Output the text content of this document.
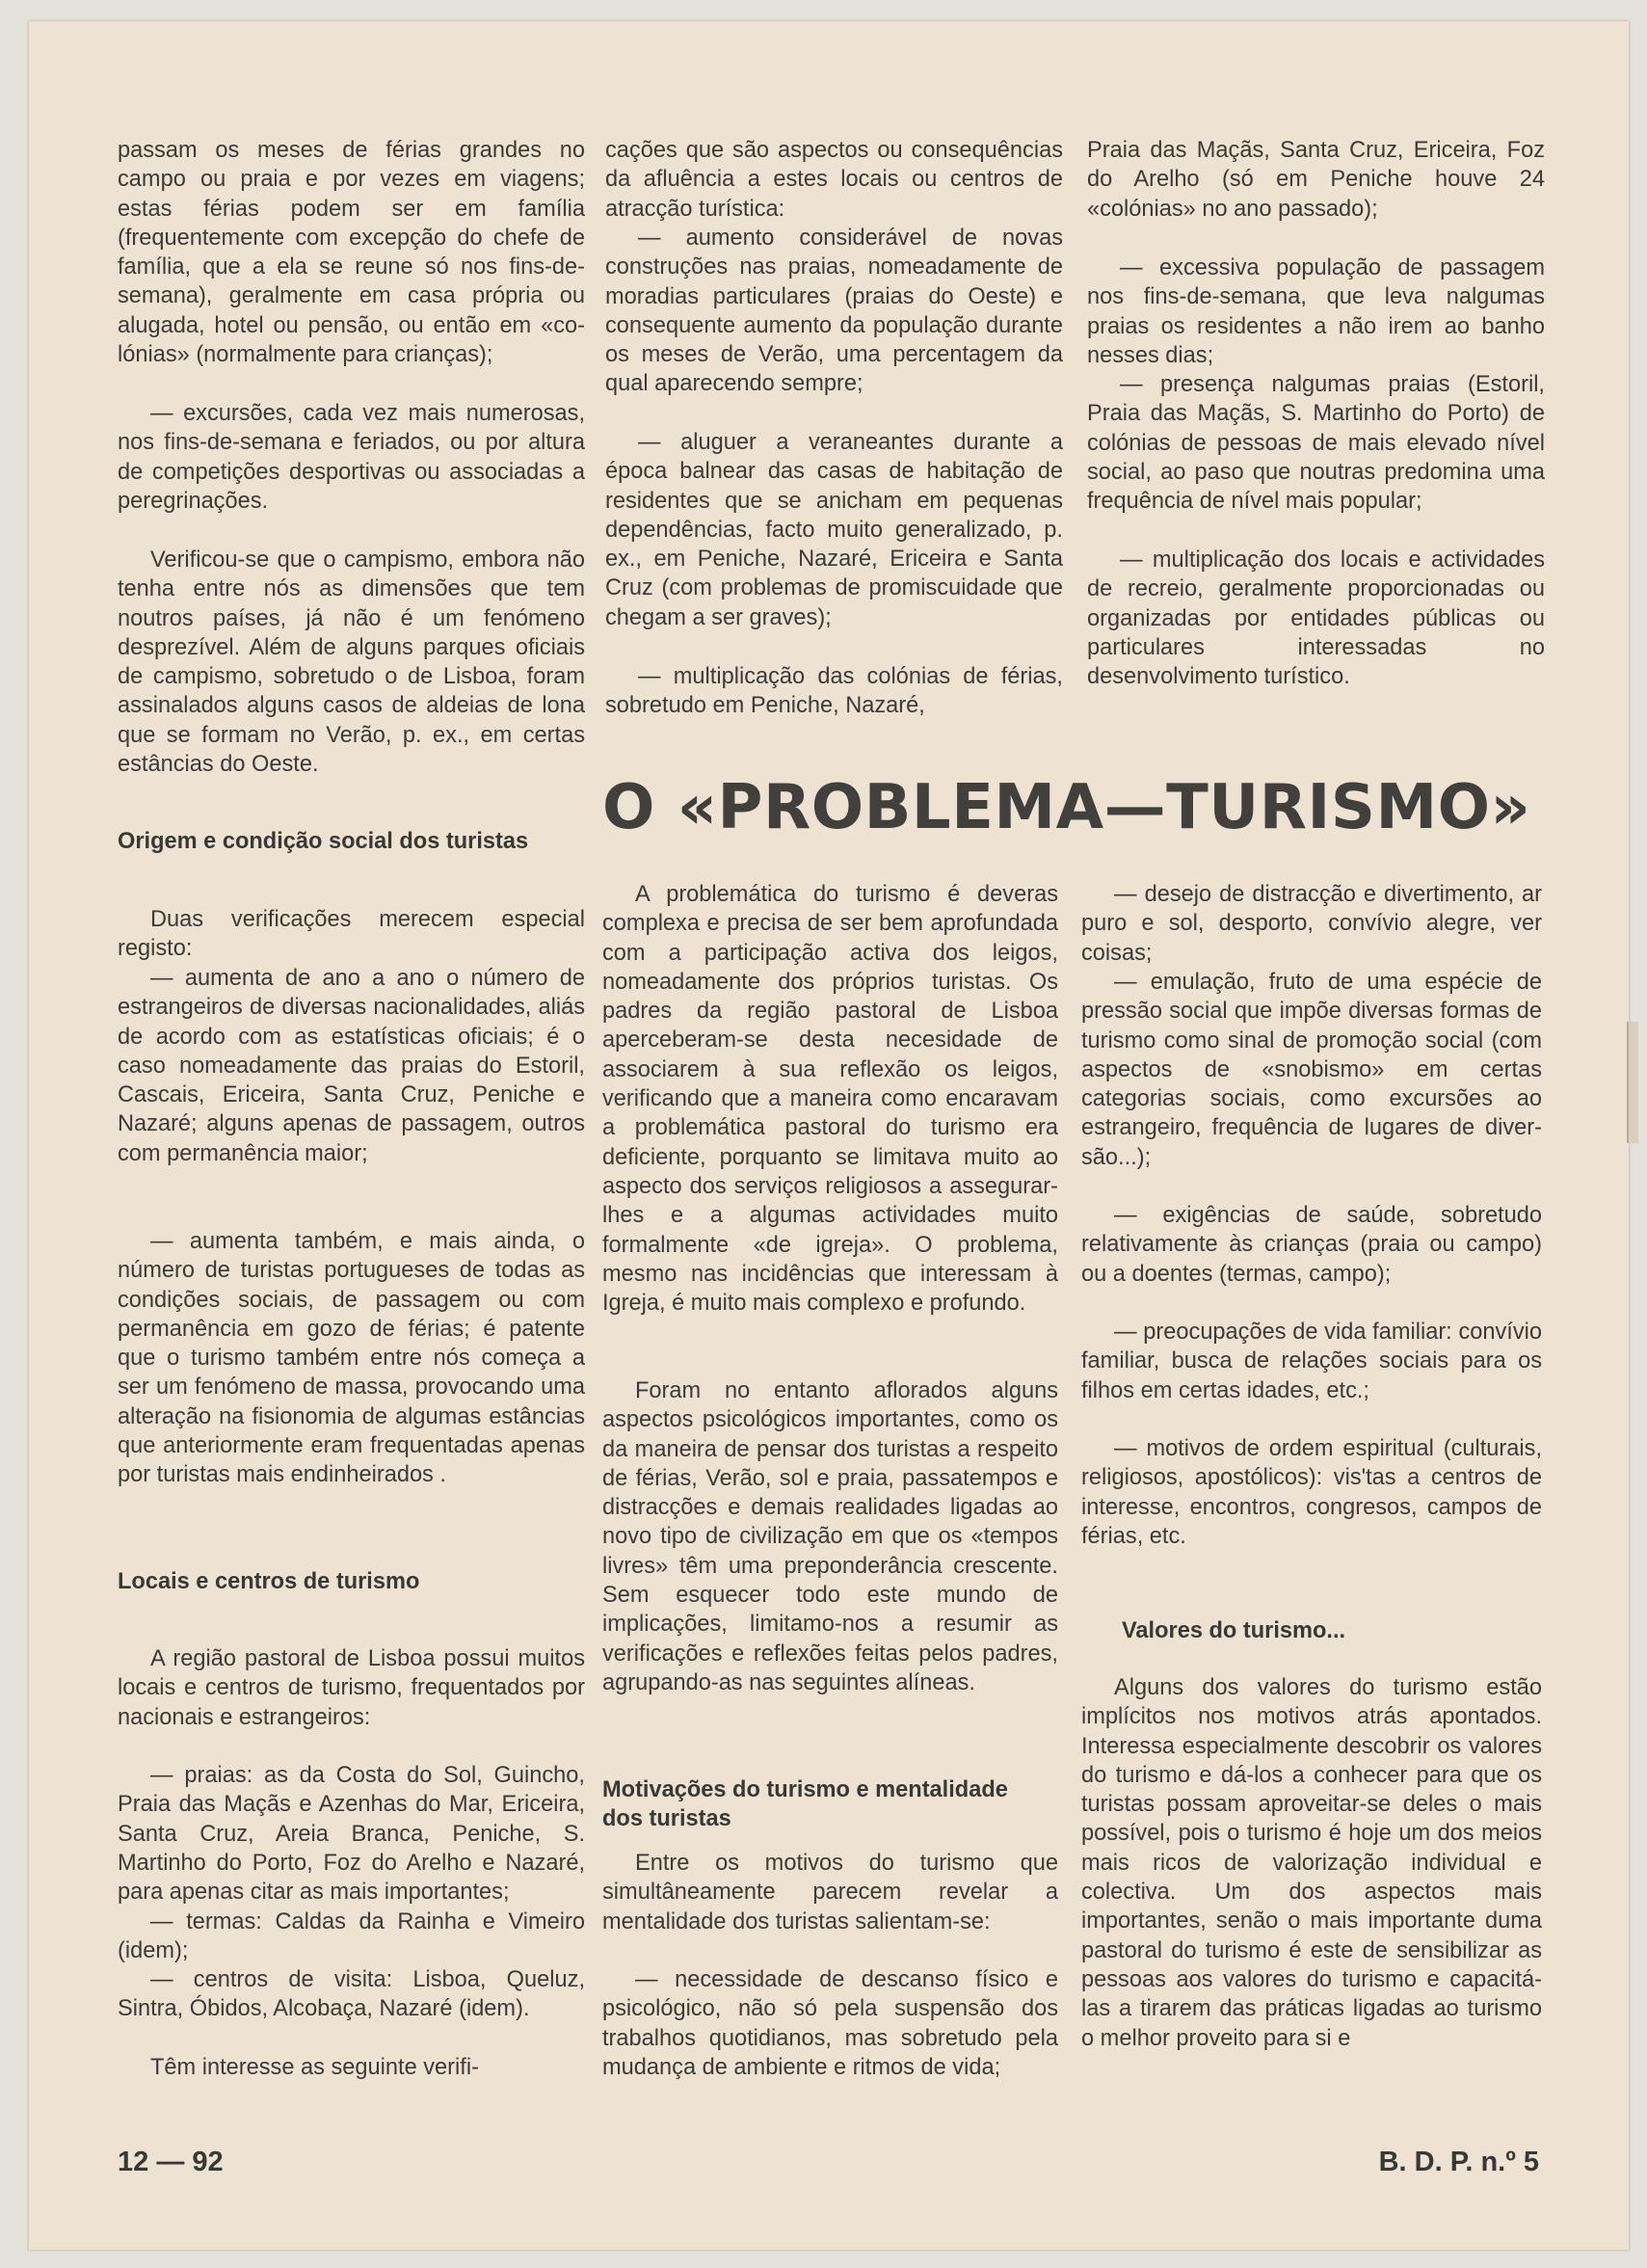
passam os meses de férias grandes no campo ou praia e por vezes em viagens; estas férias podem ser em família (frequentemente com excepção do chefe de família, que a ela se reune só nos fins-de-semana), geralmente em casa própria ou alugada, hotel ou pensão, ou então em «colónias» (normalmente para crianças);

— excursões, cada vez mais numerosas, nos fins-de-semana e feriados, ou por altura de competições desportivas ou associadas a peregrinações.

Verificou-se que o campismo, embora não tenha entre nós as dimensões que tem noutros países, já não é um fenómeno desprezível. Além de alguns parques oficiais de campismo, sobretudo o de Lisboa, foram assinalados alguns casos de aldeias de lona que se formam no Verão, p. ex., em certas estâncias do Oeste.

Origem e condição social dos turistas

Duas verificações merecem especial registo:

— aumenta de ano a ano o número de estrangeiros de diversas nacionalidades, aliás de acordo com as estatísticas oficiais; é o caso nomeadamente das praias do Estoril, Cascais, Ericeira, Santa Cruz, Peniche e Nazaré; alguns apenas de passagem, outros com permanência maior;

— aumenta também, e mais ainda, o número de turistas portugueses de todas as condições sociais, de passagem ou com permanência em gozo de férias; é patente que o turismo também entre nós começa a ser um fenómeno de massa, provocando uma alteração na fisionomia de algumas estâncias que anteriormente eram frequentadas apenas por turistas mais endinheirados .

Locais e centros de turismo

A região pastoral de Lisboa possui muitos locais e centros de turismo, frequentados por nacionais e estrangeiros:

— praias: as da Costa do Sol, Guincho, Praia das Maçãs e Azenhas do Mar, Ericeira, Santa Cruz, Areia Branca, Peniche, S. Martinho do Porto, Foz do Arelho e Nazaré, para apenas citar as mais importantes;

— termas: Caldas da Rainha e Vimeiro (idem);

— centros de visita: Lisboa, Queluz, Sintra, Óbidos, Alcobaça, Nazaré (idem).

Têm interesse as seguinte verifi-

cações que são aspectos ou consequências da afluência a estes locais ou centros de atracção turística:

— aumento considerável de novas construções nas praias, nomeadamente de moradias particulares (praias do Oeste) e consequente aumento da população durante os meses de Verão, uma percentagem da qual aparecendo sempre;

— aluguer a veraneantes durante a época balnear das casas de habitação de residentes que se anicham em pequenas dependências, facto muito generalizado, p. ex., em Peniche, Nazaré, Ericeira e Santa Cruz (com problemas de promiscuidade que chegam a ser graves);

— multiplicação das colónias de férias, sobretudo em Peniche, Nazaré,

Praia das Maçãs, Santa Cruz, Ericeira, Foz do Arelho (só em Peniche houve 24 «colónias» no ano passado);

— excessiva população de passagem nos fins-de-semana, que leva nalgumas praias os residentes a não irem ao banho nesses dias;

— presença nalgumas praias (Estoril, Praia das Maçãs, S. Martinho do Porto) de colónias de pessoas de mais elevado nível social, ao paso que noutras predomina uma frequência de nível mais popular;

— multiplicação dos locais e actividades de recreio, geralmente proporcionadas ou organizadas por entidades públicas ou particulares interessadas no desenvolvimento turístico.

O «PROBLEMA—TURISMO»

A problemática do turismo é deveras complexa e precisa de ser bem aprofundada com a participação activa dos leigos, nomeadamente dos próprios turistas. Os padres da região pastoral de Lisboa aperceberam-se desta necesidade de associarem à sua reflexão os leigos, verificando que a maneira como encaravam a problemática pastoral do turismo era deficiente, porquanto se limitava muito ao aspecto dos serviços religiosos a assegurar-lhes e a algumas actividades muito formalmente «de igreja». O problema, mesmo nas incidências que interessam à Igreja, é muito mais complexo e profundo.

Foram no entanto aflorados alguns aspectos psicológicos importantes, como os da maneira de pensar dos turistas a respeito de férias, Verão, sol e praia, passatempos e distracções e demais realidades ligadas ao novo tipo de civilização em que os «tempos livres» têm uma preponderância crescente. Sem esquecer todo este mundo de implicações, limitamo-nos a resumir as verificações e reflexões feitas pelos padres, agrupando-as nas seguintes alíneas.

Motivações do turismo e mentalidade dos turistas

Entre os motivos do turismo que simultâneamente parecem revelar a mentalidade dos turistas salientam-se:

— necessidade de descanso físico e psicológico, não só pela suspensão dos trabalhos quotidianos, mas sobretudo pela mudança de ambiente e ritmos de vida;

— desejo de distracção e divertimento, ar puro e sol, desporto, convívio alegre, ver coisas;

— emulação, fruto de uma espécie de pressão social que impõe diversas formas de turismo como sinal de promoção social (com aspectos de «snobismo» em certas categorias sociais, como excursões ao estrangeiro, frequência de lugares de diversão...);

— exigências de saúde, sobretudo relativamente às crianças (praia ou campo) ou a doentes (termas, campo);

— preocupações de vida familiar: convívio familiar, busca de relações sociais para os filhos em certas idades, etc.;

— motivos de ordem espiritual (culturais, religiosos, apostólicos): vis'tas a centros de interesse, encontros, congresos, campos de férias, etc.

Valores do turismo...

Alguns dos valores do turismo estão implícitos nos motivos atrás apontados. Interessa especialmente descobrir os valores do turismo e dá-los a conhecer para que os turistas possam aproveitar-se deles o mais possível, pois o turismo é hoje um dos meios mais ricos de valorização individual e colectiva. Um dos aspectos mais importantes, senão o mais importante duma pastoral do turismo é este de sensibilizar as pessoas aos valores do turismo e capacitá-las a tirarem das práticas ligadas ao turismo o melhor proveito para si e

12 — 92	B. D. P. n.º 5
